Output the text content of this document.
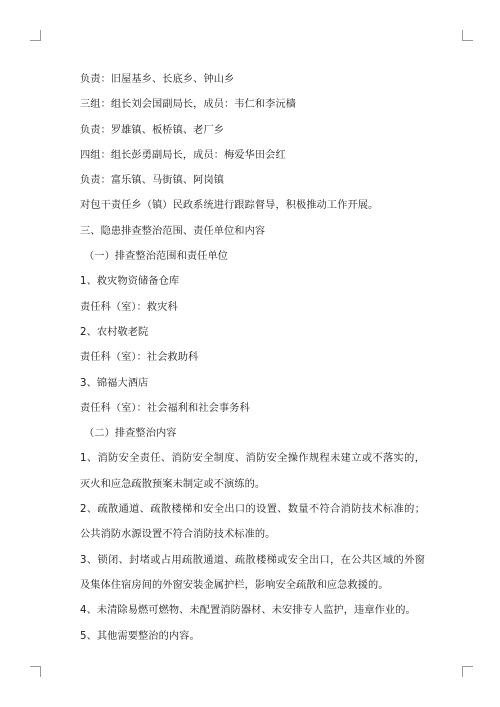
负责：旧屋基乡、长底乡、钟山乡

三组：组长刘会国副局长，成员：韦仁和李沅樯

负责：罗雄镇、板桥镇、老厂乡

四组：组长彭勇副局长，成员：梅爱华田会红

负责：富乐镇、马街镇、阿岗镇

对包干责任乡（镇）民政系统进行跟踪督导，积极推动工作开展。

三、隐患排查整治范围、责任单位和内容

（一）排查整治范围和责任单位

1、救灾物资储备仓库

责任科（室）：救灾科

2、农村敬老院

责任科（室）：社会救助科

3、锦福大酒店

责任科（室）：社会福利和社会事务科

（二）排查整治内容

1、消防安全责任、消防安全制度、消防安全操作规程未建立或不落实的，灭火和应急疏散预案未制定或不演练的。

2、疏散通道、疏散楼梯和安全出口的设置、数量不符合消防技术标准的；公共消防水源设置不符合消防技术标准的。

3、锁闭、封堵或占用疏散通道、疏散楼梯或安全出口，在公共区域的外窗及集体住宿房间的外窗安装金属护栏，影响安全疏散和应急救援的。

4、未清除易燃可燃物、未配置消防器材、未安排专人监护，违章作业的。

5、其他需要整治的内容。
